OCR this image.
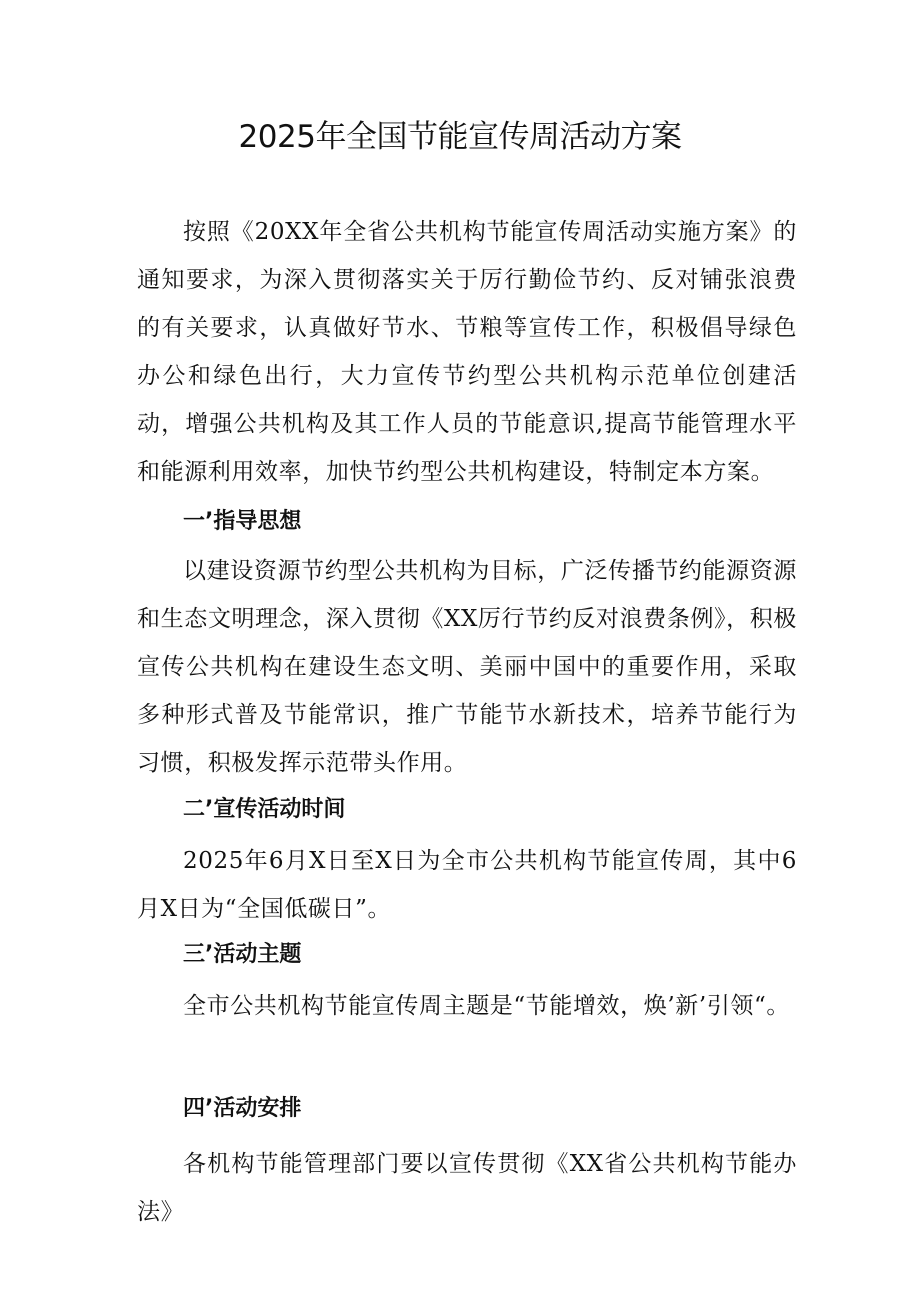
2025年全国节能宣传周活动方案

按照《20XX年全省公共机构节能宣传周活动实施方案》的通知要求，为深入贯彻落实关于厉行勤俭节约、反对铺张浪费的有关要求，认真做好节水、节粮等宣传工作，积极倡导绿色办公和绿色出行，大力宣传节约型公共机构示范单位创建活动，增强公共机构及其工作人员的节能意识,提高节能管理水平和能源利用效率，加快节约型公共机构建设，特制定本方案。

一’指导思想

以建设资源节约型公共机构为目标，广泛传播节约能源资源和生态文明理念，深入贯彻《XX厉行节约反对浪费条例》，积极宣传公共机构在建设生态文明、美丽中国中的重要作用，采取多种形式普及节能常识，推广节能节水新技术，培养节能行为习惯，积极发挥示范带头作用。

二’宣传活动时间

2025年6月X日至X日为全市公共机构节能宣传周，其中6月X日为“全国低碳日”。

三’活动主题

全市公共机构节能宣传周主题是“节能增效，焕’新’引领“。

四’活动安排

各机构节能管理部门要以宣传贯彻《XX省公共机构节能办法》
